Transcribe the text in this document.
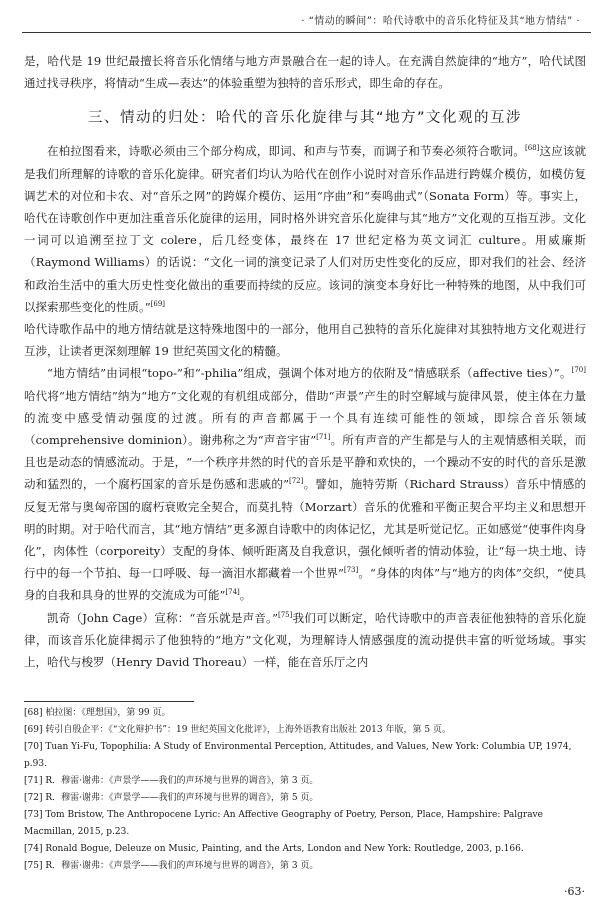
· “情动的瞬间”：哈代诗歌中的音乐化特征及其“地方情结” ·

是，哈代是 19 世纪最擅长将音乐化情绪与地方声景融合在一起的诗人。在充满自然旋律的“地方”，哈代试图通过找寻秩序，将情动“生成—表达”的体验重塑为独特的音乐形式，即生命的存在。

三、情动的归处：哈代的音乐化旋律与其“地方”文化观的互涉

在柏拉图看来，诗歌必须由三个部分构成，即词、和声与节奏，而调子和节奏必须符合歌词。[68]这应该就是我们所理解的诗歌的音乐化旋律。研究者们均认为哈代在创作小说时对音乐作品进行跨媒介模仿，如模仿复调艺术的对位和卡农、对“音乐之网”的跨媒介模仿、运用“序曲”和“奏鸣曲式”（Sonata Form）等。事实上，哈代在诗歌创作中更加注重音乐化旋律的运用，同时格外讲究音乐化旋律与其“地方”文化观的互指互涉。文化一词可以追溯至拉丁文 colere，后几经变体，最终在 17 世纪定格为英文词汇 culture。用威廉斯（Raymond Williams）的话说：“文化一词的演变记录了人们对历史性变化的反应，即对我们的社会、经济和政治生活中的重大历史性变化做出的重要而持续的反应。该词的演变本身好比一种特殊的地图，从中我们可以探索那些变化的性质。”[69]

哈代诗歌作品中的地方情结就是这特殊地图中的一部分，他用自己独特的音乐化旋律对其独特地方文化观进行互涉，让读者更深刻理解 19 世纪英国文化的精髓。

“地方情结”由词根“topo-”和“-philia”组成，强调个体对地方的依附及“情感联系（affective ties）”。[70]哈代将“地方情结”纳为“地方”文化观的有机组成部分，借助“声景”产生的时空解域与旋律风景，使主体在力量的流变中感受情动强度的过渡。所有的声音都属于一个具有连续可能性的领域，即综合音乐领域（comprehensive dominion）。谢弗称之为“声音宇宙”[71]。所有声音的产生都是与人的主观情感相关联，而且也是动态的情感流动。于是，“一个秩序井然的时代的音乐是平静和欢快的，一个躁动不安的时代的音乐是激动和猛烈的，一个腐朽国家的音乐是伤感和悲戚的”[72]。譬如，施特劳斯（Richard Strauss）音乐中情感的反复无常与奥匈帝国的腐朽衰败完全契合，而莫扎特（Morzart）音乐的优雅和平衡正契合平均主义和思想开明的时期。对于哈代而言，其“地方情结”更多源自诗歌中的肉体记忆，尤其是听觉记忆。正如感觉“使事件肉身化”，肉体性（corporeity）支配的身体、倾听距离及自我意识，强化倾听者的情动体验，让“每一块土地、诗行中的每一个节拍、每一口呼吸、每一滴泪水都藏着一个世界”[73]。“身体的肉体”与“地方的肉体”交织，“使具身的自我和具身的世界的交流成为可能”[74]。

凯奇（John Cage）宣称：“音乐就是声音。”[75]我们可以断定，哈代诗歌中的声音表征他独特的音乐化旋律，而该音乐化旋律揭示了他独特的“地方”文化观，为理解诗人情感强度的流动提供丰富的听觉场域。事实上，哈代与梭罗（Henry David Thoreau）一样，能在音乐厅之内

[68] 柏拉图：《理想国》，第 99 页。

[69] 转引自殷企平：《“文化辩护书”：19 世纪英国文化批评》，上海外语教育出版社 2013 年版，第 5 页。

[70] Tuan Yi-Fu, Topophilia: A Study of Environmental Perception, Attitudes, and Values, New York: Columbia UP, 1974, p.93.

[71] R．穆雷·谢弗：《声景学——我们的声环境与世界的调音》，第 3 页。

[72] R．穆雷·谢弗：《声景学——我们的声环境与世界的调音》，第 5 页。

[73] Tom Bristow, The Anthropocene Lyric: An Affective Geography of Poetry, Person, Place, Hampshire: Palgrave Macmillan, 2015, p.23.

[74] Ronald Bogue, Deleuze on Music, Painting, and the Arts, London and New York: Routledge, 2003, p.166.

[75] R．穆雷·谢弗：《声景学——我们的声环境与世界的调音》，第 3 页。

·63·
